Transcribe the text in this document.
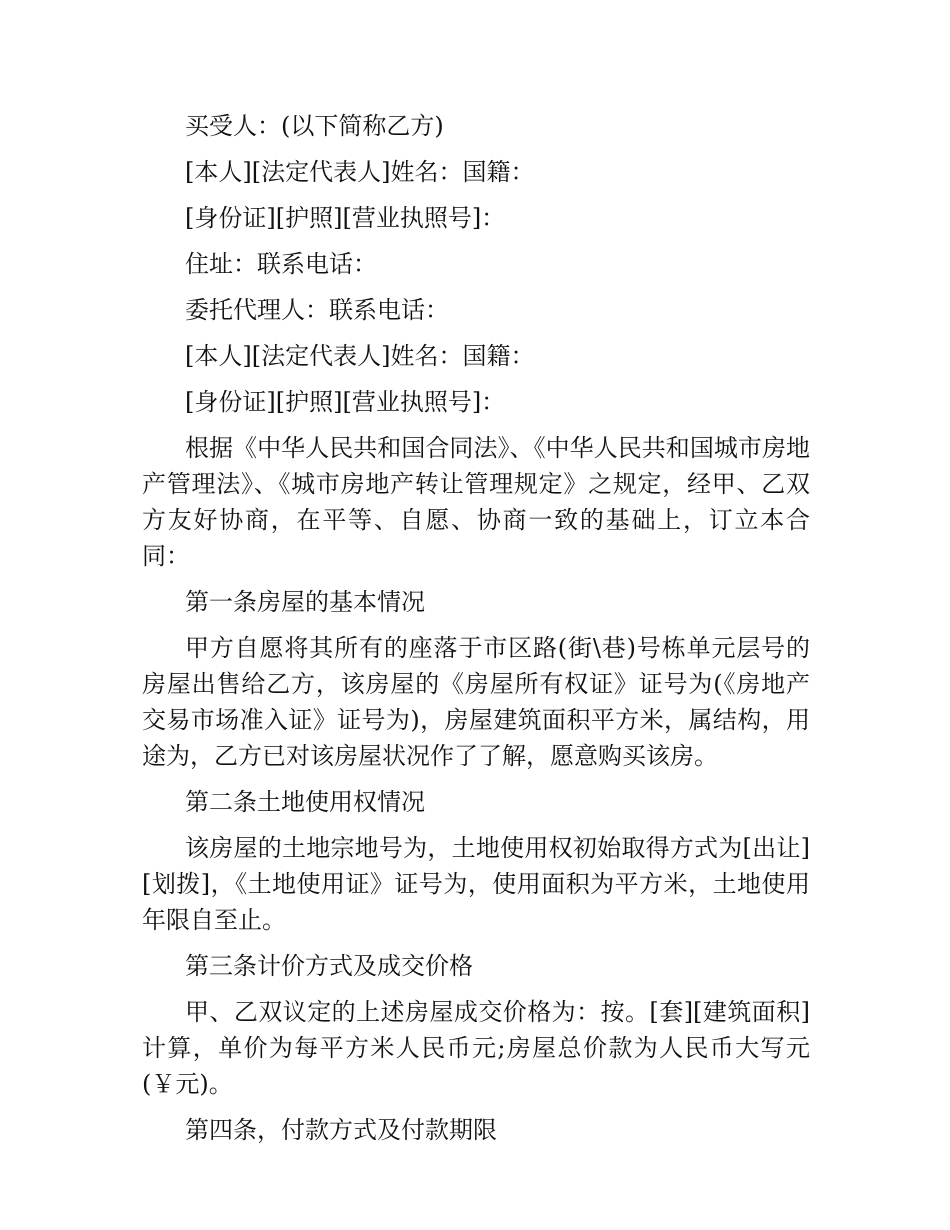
买受人：(以下简称乙方)

[本人][法定代表人]姓名：国籍：

[身份证][护照][营业执照号]：

住址：联系电话：

委托代理人：联系电话：

[本人][法定代表人]姓名：国籍：

[身份证][护照][营业执照号]：

根据《中华人民共和国合同法》、《中华人民共和国城市房地产管理法》、《城市房地产转让管理规定》之规定，经甲、乙双方友好协商，在平等、自愿、协商一致的基础上，订立本合同：

第一条房屋的基本情况

甲方自愿将其所有的座落于市区路(街\巷)号栋单元层号的房屋出售给乙方，该房屋的《房屋所有权证》证号为(《房地产交易市场准入证》证号为)，房屋建筑面积平方米，属结构，用途为，乙方已对该房屋状况作了了解，愿意购买该房。

第二条土地使用权情况

该房屋的土地宗地号为，土地使用权初始取得方式为[出让][划拨]，《土地使用证》证号为，使用面积为平方米，土地使用年限自至止。

第三条计价方式及成交价格

甲、乙双议定的上述房屋成交价格为：按。[套][建筑面积]计算，单价为每平方米人民币元;房屋总价款为人民币大写元(￥元)。

第四条，付款方式及付款期限
